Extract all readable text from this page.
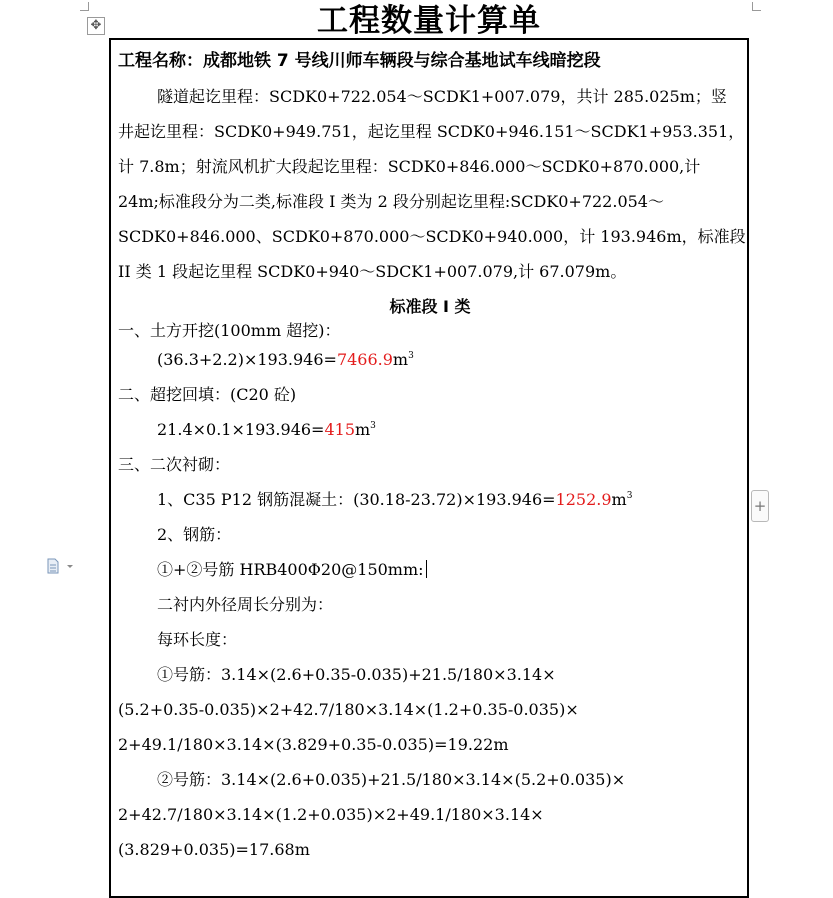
✥	工程数量计算单
工程名称：成都地铁 7 号线川师车辆段与综合基地试车线暗挖段
隧道起讫里程：SCDK0+722.054～SCDK1+007.079，共计 285.025m；竖
井起讫里程：SCDK0+949.751，起讫里程 SCDK0+946.151～SCDK1+953.351，
计 7.8m；射流风机扩大段起讫里程：SCDK0+846.000～SCDK0+870.000,计
24m;标准段分为二类,标准段 I 类为 2 段分别起讫里程:SCDK0+722.054～
SCDK0+846.000、SCDK0+870.000～SCDK0+940.000，计 193.946m，标准段
II 类 1 段起讫里程 SCDK0+940～SDCK1+007.079,计 67.079m。
标准段 I 类
一、土方开挖(100mm 超挖)：
$(36.3+2.2)\times 193.946=7466.9m^3$
二、超挖回填：(C20 砼)
$21.4\times 0.1\times 193.946=415m^3$
三、二次衬砌：
1、C35 P12 钢筋混凝土：$(30.18-23.72)\times 193.946=1252.9m^3$
2、钢筋：
①+②号筋 HRB400Φ20@150mm:
二衬内外径周长分别为：
每环长度：
①号筋：3.14×(2.6+0.35-0.035)+21.5/180×3.14×
(5.2+0.35-0.035)×2+42.7/180×3.14×(1.2+0.35-0.035)×
2+49.1/180×3.14×(3.829+0.35-0.035)=19.22m
②号筋：3.14×(2.6+0.035)+21.5/180×3.14×(5.2+0.035)×
2+42.7/180×3.14×(1.2+0.035)×2+49.1/180×3.14×
(3.829+0.035)=17.68m
+
